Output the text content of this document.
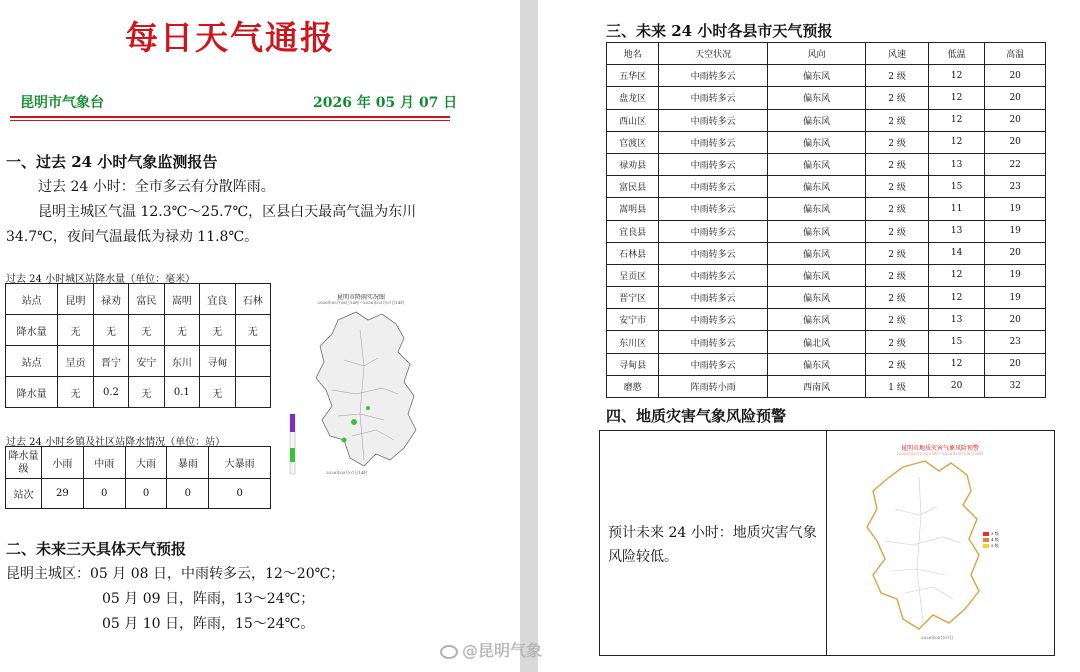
每日天气通报
昆明市气象台	2026 年 05 月 07 日
一、过去 24 小时气象监测报告
过去 24 小时：全市多云有分散阵雨。
昆明主城区气温 12.3℃～25.7℃，区县白天最高气温为东川
34.7℃，夜间气温最低为禄劝 11.8℃。
过去 24 小时城区站降水量（单位：毫米）
站点	昆明	禄劝	富民	嵩明	宜良	石林
降水量	无	无	无	无	无	无
站点	呈贡	晋宁	安宁	东川	寻甸	
降水量	无	0.2	无	0.1	无	
昆明市降雨实况图
2026年05月06日14时～2026年05月07日14时
2026年05月07日14时
过去 24 小时乡镇及社区站降水情况（单位：站）
降水量级	小雨	中雨	大雨	暴雨	大暴雨
站次	29	0	0	0	0
二、未来三天具体天气预报
昆明主城区：05 月 08 日，中雨转多云，12～20℃；
05 月 09 日，阵雨，13～24℃；
05 月 10 日，阵雨，15～24℃。
三、未来 24 小时各县市天气预报
地名	天空状况	风向	风速	低温	高温
五华区	中雨转多云	偏东风	2 级	12	20
盘龙区	中雨转多云	偏东风	2 级	12	20
西山区	中雨转多云	偏东风	2 级	12	20
官渡区	中雨转多云	偏东风	2 级	12	20
禄劝县	中雨转多云	偏东风	2 级	13	22
富民县	中雨转多云	偏东风	2 级	15	23
嵩明县	中雨转多云	偏东风	2 级	11	19
宜良县	中雨转多云	偏东风	2 级	13	19
石林县	中雨转多云	偏东风	2 级	14	20
呈贡区	中雨转多云	偏东风	2 级	12	19
晋宁区	中雨转多云	偏东风	2 级	12	19
安宁市	中雨转多云	偏东风	2 级	13	20
东川区	中雨转多云	偏北风	2 级	15	23
寻甸县	中雨转多云	偏东风	2 级	12	20
磨憨	阵雨转小雨	西南风	1 级	20	32
四、地质灾害气象风险预警
预计未来 24 小时：地质灾害气象风险较低。
昆明市地质灾害气象风险预警
2026年05月07日20时～2026年05月08日20时
3 级
4 级
5 级
2026年05月07日
@昆明气象
